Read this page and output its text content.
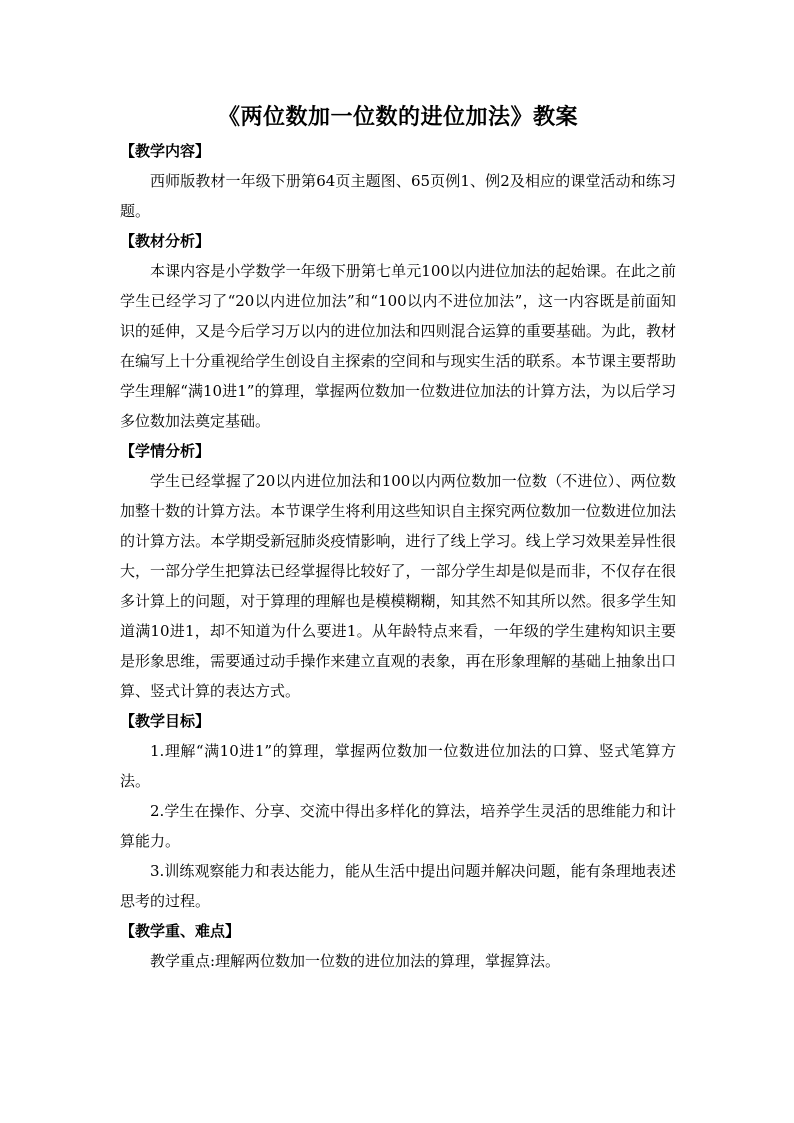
《两位数加一位数的进位加法》教案
【教学内容】

西师版教材一年级下册第64页主题图、65页例1、例2及相应的课堂活动和练习题。

【教材分析】

本课内容是小学数学一年级下册第七单元100以内进位加法的起始课。在此之前学生已经学习了“20以内进位加法”和“100以内不进位加法”，这一内容既是前面知识的延伸，又是今后学习万以内的进位加法和四则混合运算的重要基础。为此，教材在编写上十分重视给学生创设自主探索的空间和与现实生活的联系。本节课主要帮助学生理解“满10进1”的算理，掌握两位数加一位数进位加法的计算方法，为以后学习多位数加法奠定基础。

【学情分析】

学生已经掌握了20以内进位加法和100以内两位数加一位数（不进位）、两位数加整十数的计算方法。本节课学生将利用这些知识自主探究两位数加一位数进位加法的计算方法。本学期受新冠肺炎疫情影响，进行了线上学习。线上学习效果差异性很大，一部分学生把算法已经掌握得比较好了，一部分学生却是似是而非，不仅存在很多计算上的问题，对于算理的理解也是模模糊糊，知其然不知其所以然。很多学生知道满10进1，却不知道为什么要进1。从年龄特点来看，一年级的学生建构知识主要是形象思维，需要通过动手操作来建立直观的表象，再在形象理解的基础上抽象出口算、竖式计算的表达方式。

【教学目标】

1.理解“满10进1”的算理，掌握两位数加一位数进位加法的口算、竖式笔算方法。

2.学生在操作、分享、交流中得出多样化的算法，培养学生灵活的思维能力和计算能力。

3.训练观察能力和表达能力，能从生活中提出问题并解决问题，能有条理地表述思考的过程。

【教学重、难点】

教学重点:理解两位数加一位数的进位加法的算理，掌握算法。
